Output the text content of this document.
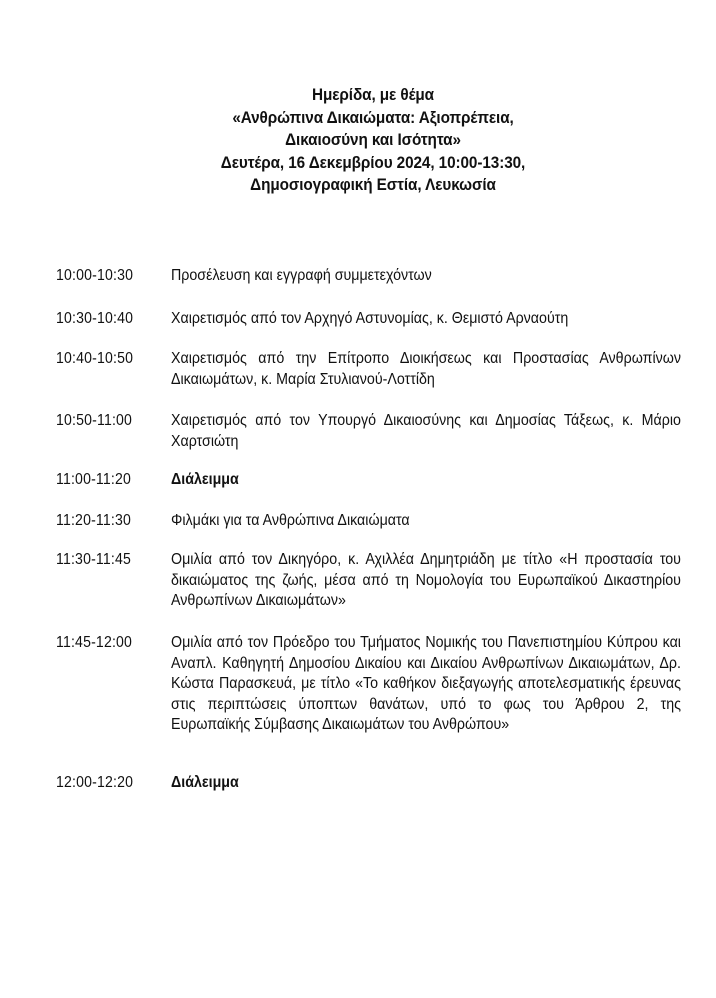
Ημερίδα, με θέμα
«Ανθρώπινα Δικαιώματα: Αξιοπρέπεια,
Δικαιοσύνη και Ισότητα»
Δευτέρα, 16 Δεκεμβρίου 2024, 10:00-13:30,
Δημοσιογραφική Εστία, Λευκωσία
10:00-10:30	Προσέλευση και εγγραφή συμμετεχόντων
10:30-10:40	Χαιρετισμός από τον Αρχηγό Αστυνομίας, κ. Θεμιστό Αρναούτη
10:40-10:50	Χαιρετισμός από την Επίτροπο Διοικήσεως και Προστασίας Ανθρωπίνων Δικαιωμάτων, κ. Μαρία Στυλιανού-Λοττίδη
10:50-11:00	Χαιρετισμός από τον Υπουργό Δικαιοσύνης και Δημοσίας Τάξεως, κ. Μάριο Χαρτσιώτη
11:00-11:20	Διάλειμμα
11:20-11:30	Φιλμάκι για τα Ανθρώπινα Δικαιώματα
11:30-11:45	Ομιλία από τον Δικηγόρο, κ. Αχιλλέα Δημητριάδη με τίτλο «Η προστασία του δικαιώματος της ζωής, μέσα από τη Νομολογία του Ευρωπαϊκού Δικαστηρίου Ανθρωπίνων Δικαιωμάτων»
11:45-12:00	Ομιλία από τον Πρόεδρο του Τμήματος Νομικής του Πανεπιστημίου Κύπρου και Αναπλ. Καθηγητή Δημοσίου Δικαίου και Δικαίου Ανθρωπίνων Δικαιωμάτων, Δρ. Κώστα Παρασκευά, με τίτλο «Το καθήκον διεξαγωγής αποτελεσματικής έρευνας στις περιπτώσεις ύποπτων θανάτων, υπό το φως του Άρθρου 2, της Ευρωπαϊκής Σύμβασης Δικαιωμάτων του Ανθρώπου»
12:00-12:20	Διάλειμμα
